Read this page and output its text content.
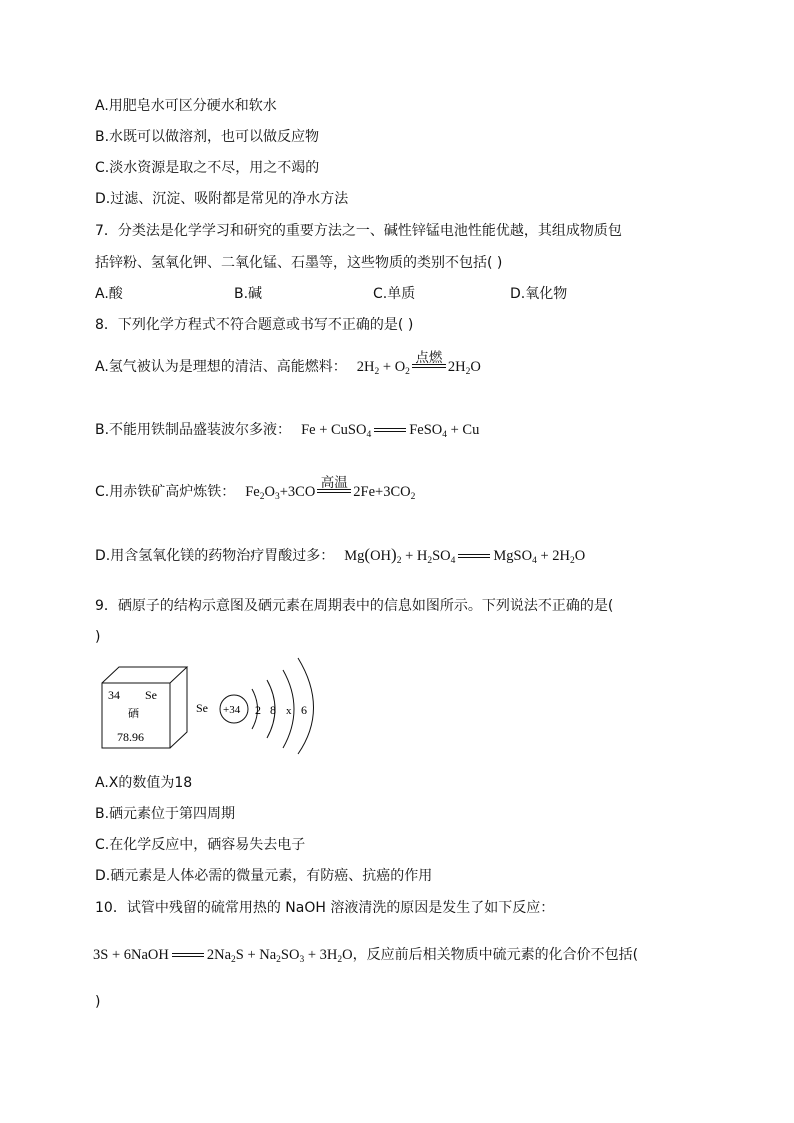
A.用肥皂水可区分硬水和软水
B.水既可以做溶剂，也可以做反应物
C.淡水资源是取之不尽，用之不竭的
D.过滤、沉淀、吸附都是常见的净水方法
7．分类法是化学学习和研究的重要方法之一、碱性锌锰电池性能优越，其组成物质包
括锌粉、氢氧化钾、二氧化锰、石墨等，这些物质的类别不包括( )
A.酸	B.碱	C.单质	D.氧化物
8．下列化学方程式不符合题意或书写不正确的是( )
A.氢气被认为是理想的清洁、高能燃料： $2H_2 + O_2$
点燃
$2H_2O$
B.不能用铁制品盛装波尔多液： Fe + CuSO$_4$	FeSO$_4$ + Cu
C.用赤铁矿高炉炼铁： $Fe_2O_3+3CO$
高温
$2Fe+3CO_2$
D.用含氢氧化镁的药物治疗胃酸过多： $Mg(OH)_2 + H_2SO_4$	MgSO$_4$ + $2H_2O$
9．硒原子的结构示意图及硒元素在周期表中的信息如图所示。下列说法不正确的是(
)
34 Se
硒
78.96
Se +34 2 8 x 6
A.X的数值为18
B.硒元素位于第四周期
C.在化学反应中，硒容易失去电子
D.硒元素是人体必需的微量元素，有防癌、抗癌的作用
10．试管中残留的硫常用热的 NaOH 溶液清洗的原因是发生了如下反应：
3S + 6NaOH	$2Na_2S + Na_2SO_3 + 3H_2O$，反应前后相关物质中硫元素的化合价不包括(
)
